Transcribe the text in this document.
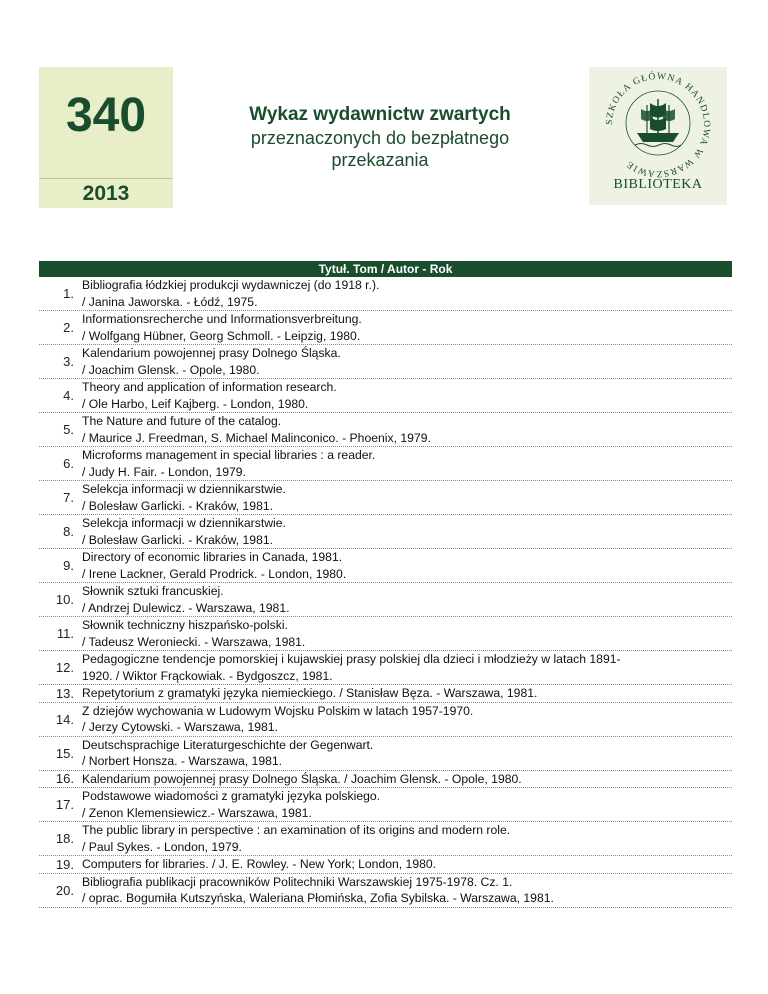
340
2013
Wykaz wydawnictw zwartych
przeznaczonych do bezpłatnego
przekazania
SZKOŁA GŁÓWNA HANDLOWA W WARSZAWIE
BIBLIOTEKA
Tytuł. Tom / Autor - Rok
1.
Bibliografia łódzkiej produkcji wydawniczej (do 1918 r.).
/ Janina Jaworska. - Łódź, 1975.
2.
Informationsrecherche und Informationsverbreitung.
/ Wolfgang Hübner, Georg Schmoll. - Leipzig, 1980.
3.
Kalendarium powojennej prasy Dolnego Śląska.
/ Joachim Glensk. - Opole, 1980.
4.
Theory and application of information research.
/ Ole Harbo, Leif Kajberg. - London, 1980.
5.
The Nature and future of the catalog.
/ Maurice J. Freedman, S. Michael Malinconico. - Phoenix, 1979.
6.
Microforms management in special libraries : a reader.
/ Judy H. Fair. - London, 1979.
7.
Selekcja informacji w dziennikarstwie.
/ Bolesław Garlicki. - Kraków, 1981.
8.
Selekcja informacji w dziennikarstwie.
/ Bolesław Garlicki. - Kraków, 1981.
9.
Directory of economic libraries in Canada, 1981.
/ Irene Lackner, Gerald Prodrick. - London, 1980.
10.
Słownik sztuki francuskiej.
/ Andrzej Dulewicz. - Warszawa, 1981.
11.
Słownik techniczny hiszpańsko-polski.
/ Tadeusz Weroniecki. - Warszawa, 1981.
12.
Pedagogiczne tendencje pomorskiej i kujawskiej prasy polskiej dla dzieci i młodzieży w latach 1891-
1920. / Wiktor Frąckowiak. - Bydgoszcz, 1981.
13. Repetytorium z gramatyki języka niemieckiego. / Stanisław Bęza. - Warszawa, 1981.
14.
Z dziejów wychowania w Ludowym Wojsku Polskim w latach 1957-1970.
/ Jerzy Cytowski. - Warszawa, 1981.
15.
Deutschsprachige Literaturgeschichte der Gegenwart.
/ Norbert Honsza. - Warszawa, 1981.
16. Kalendarium powojennej prasy Dolnego Śląska. / Joachim Glensk. - Opole, 1980.
17.
Podstawowe wiadomości z gramatyki języka polskiego.
/ Zenon Klemensiewicz.- Warszawa, 1981.
18.
The public library in perspective : an examination of its origins and modern role.
/ Paul Sykes. - London, 1979.
19. Computers for libraries. / J. E. Rowley. - New York; London, 1980.
20.
Bibliografia publikacji pracowników Politechniki Warszawskiej 1975-1978. Cz. 1.
/ oprac. Bogumiła Kutszyńska, Waleriana Płomińska, Zofia Sybilska. - Warszawa, 1981.
